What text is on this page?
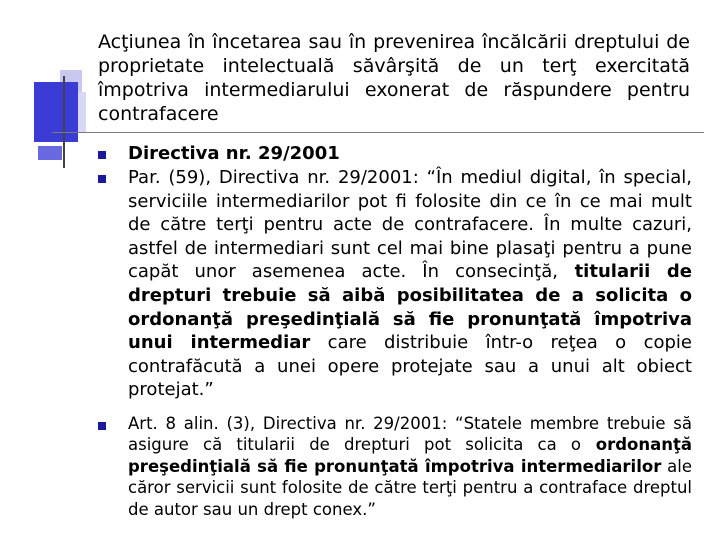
Acţiunea în încetarea sau în prevenirea încălcării dreptului de proprietate intelectuală săvârşită de un terţ exercitată împotriva intermediarului exonerat de răspundere pentru contrafacere
Directiva nr. 29/2001
Par. (59), Directiva nr. 29/2001: “În mediul digital, în special, serviciile intermediarilor pot fi folosite din ce în ce mai mult de către terţi pentru acte de contrafacere. În multe cazuri, astfel de intermediari sunt cel mai bine plasaţi pentru a pune capăt unor asemenea acte. În consecinţă, titularii de drepturi trebuie să aibă posibilitatea de a solicita o ordonanţă preşedinţială să fie pronunţată împotriva unui intermediar care distribuie într-o reţea o copie contrafăcută a unei opere protejate sau a unui alt obiect protejat.”
Art. 8 alin. (3), Directiva nr. 29/2001: “Statele membre trebuie să asigure că titularii de drepturi pot solicita ca o ordonanţă preşedinţială să fie pronunţată împotriva intermediarilor ale căror servicii sunt folosite de către terţi pentru a contraface dreptul de autor sau un drept conex.”
